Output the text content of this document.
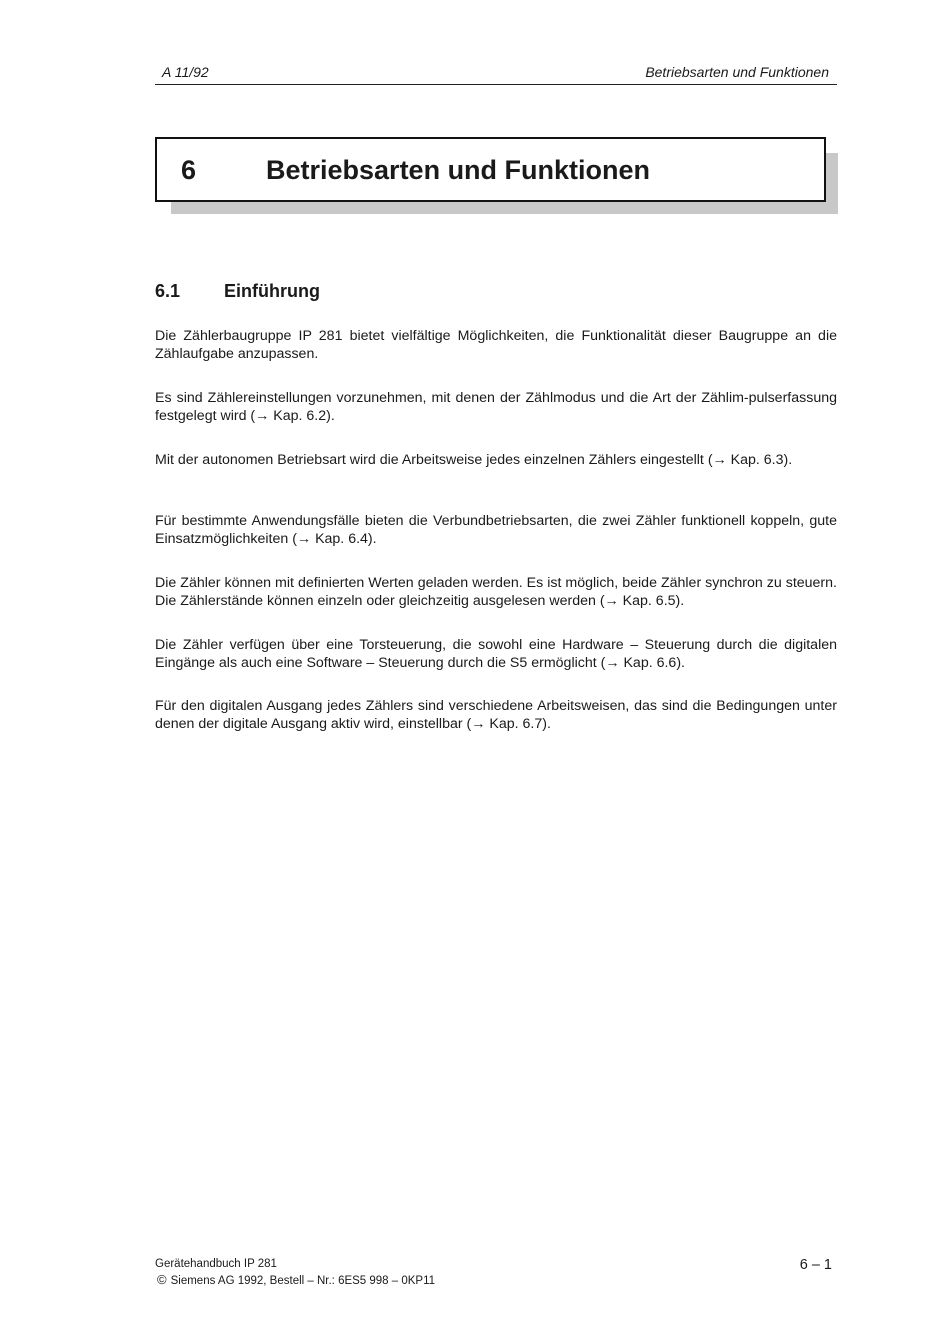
A 11/92	Betriebsarten und Funktionen
6	Betriebsarten und Funktionen
6.1 Einführung

Die Zählerbaugruppe IP 281 bietet vielfältige Möglichkeiten, die Funktionalität dieser Baugruppe an die Zählaufgabe anzupassen.

Es sind Zählereinstellungen vorzunehmen, mit denen der Zählmodus und die Art der Zählim-pulserfassung festgelegt wird (→ Kap. 6.2).

Mit der autonomen Betriebsart wird die Arbeitsweise jedes einzelnen Zählers eingestellt (→ Kap. 6.3).

Für bestimmte Anwendungsfälle bieten die Verbundbetriebsarten, die zwei Zähler funktionell koppeln, gute Einsatzmöglichkeiten (→ Kap. 6.4).

Die Zähler können mit definierten Werten geladen werden. Es ist möglich, beide Zähler synchron zu steuern. Die Zählerstände können einzeln oder gleichzeitig ausgelesen werden (→ Kap. 6.5).

Die Zähler verfügen über eine Torsteuerung, die sowohl eine Hardware – Steuerung durch die digitalen Eingänge als auch eine Software – Steuerung durch die S5 ermöglicht (→ Kap. 6.6).

Für den digitalen Ausgang jedes Zählers sind verschiedene Arbeitsweisen, das sind die Bedingungen unter denen der digitale Ausgang aktiv wird, einstellbar (→ Kap. 6.7).

Gerätehandbuch IP 281
© Siemens AG 1992, Bestell – Nr.: 6ES5 998 – 0KP11
6 – 1
